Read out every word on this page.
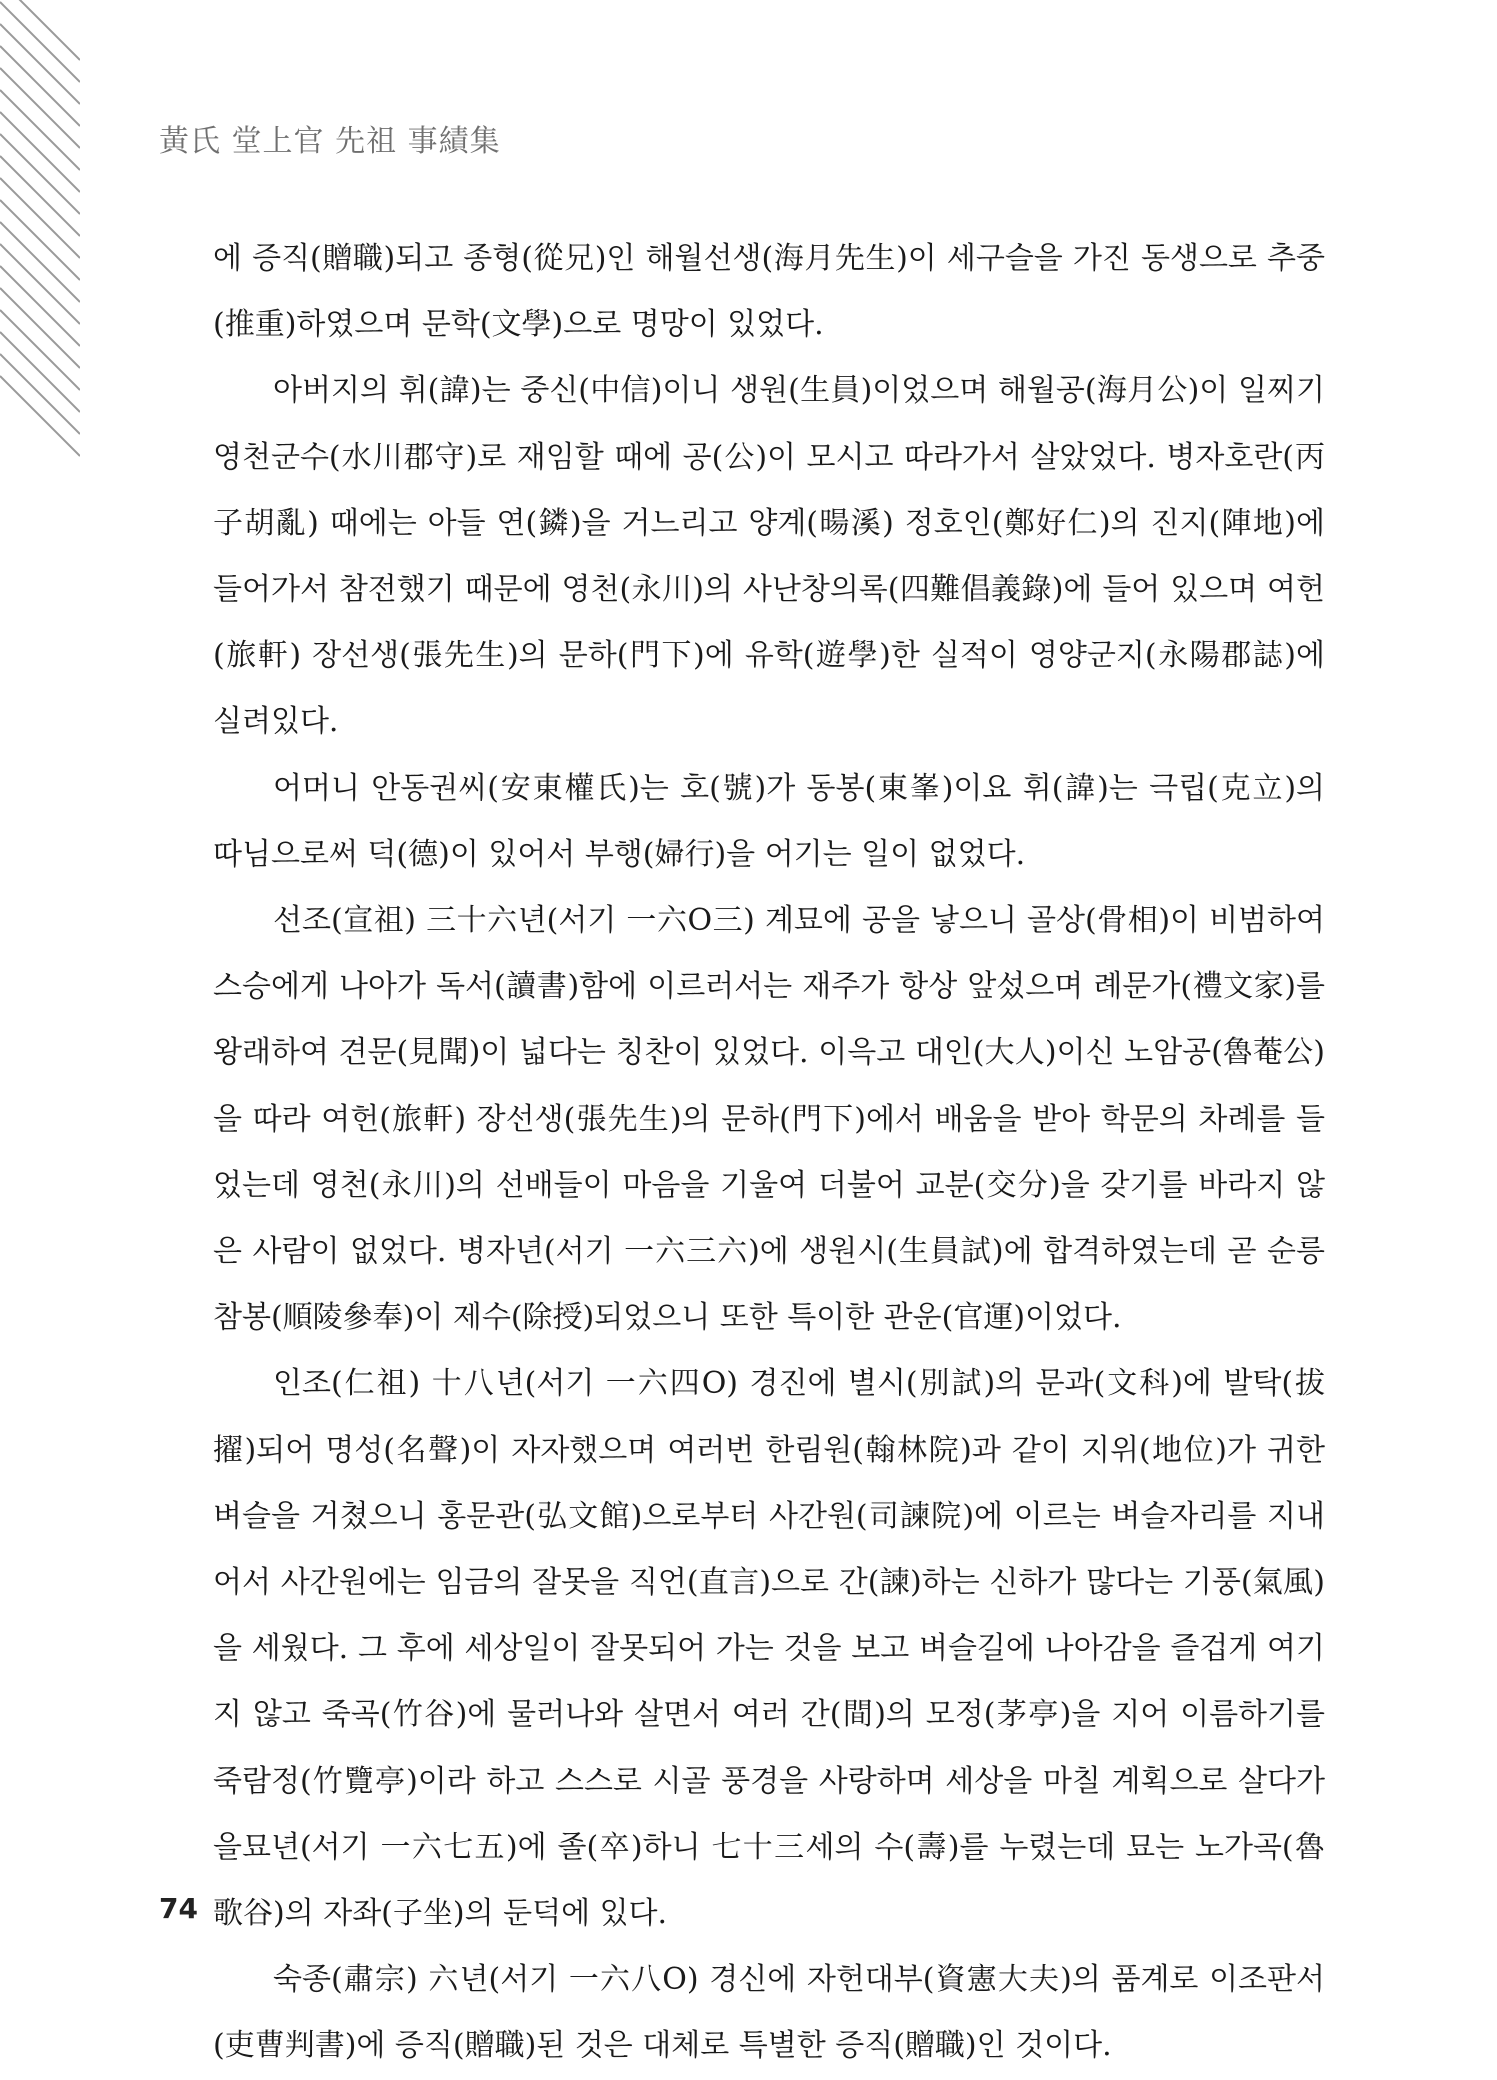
黃氏 堂上官 先祖 事績集

에 증직(贈職)되고 종형(從兄)인 해월선생(海月先生)이 세구슬을 가진 동생으로 추중(推重)하였으며 문학(文學)으로 명망이 있었다.

아버지의 휘(諱)는 중신(中信)이니 생원(生員)이었으며 해월공(海月公)이 일찌기 영천군수(水川郡守)로 재임할 때에 공(公)이 모시고 따라가서 살았었다. 병자호란(丙子胡亂) 때에는 아들 연(鏻)을 거느리고 양계(暘溪) 정호인(鄭好仁)의 진지(陣地)에 들어가서 참전했기 때문에 영천(永川)의 사난창의록(四難倡義錄)에 들어 있으며 여헌(旅軒) 장선생(張先生)의 문하(門下)에 유학(遊學)한 실적이 영양군지(永陽郡誌)에 실려있다.

어머니 안동권씨(安東權氏)는 호(號)가 동봉(東峯)이요 휘(諱)는 극립(克立)의 따님으로써 덕(德)이 있어서 부행(婦行)을 어기는 일이 없었다.

선조(宣祖) 三十六년(서기 一六O三) 계묘에 공을 낳으니 골상(骨相)이 비범하여 스승에게 나아가 독서(讀書)함에 이르러서는 재주가 항상 앞섰으며 례문가(禮文家)를 왕래하여 견문(見聞)이 넓다는 칭찬이 있었다. 이윽고 대인(大人)이신 노암공(魯菴公)을 따라 여헌(旅軒) 장선생(張先生)의 문하(門下)에서 배움을 받아 학문의 차례를 들었는데 영천(永川)의 선배들이 마음을 기울여 더불어 교분(交分)을 갖기를 바라지 않은 사람이 없었다. 병자년(서기 一六三六)에 생원시(生員試)에 합격하였는데 곧 순릉 참봉(順陵參奉)이 제수(除授)되었으니 또한 특이한 관운(官運)이었다.

인조(仁祖) 十八년(서기 一六四O) 경진에 별시(別試)의 문과(文科)에 발탁(拔擢)되어 명성(名聲)이 자자했으며 여러번 한림원(翰林院)과 같이 지위(地位)가 귀한 벼슬을 거쳤으니 홍문관(弘文館)으로부터 사간원(司諫院)에 이르는 벼슬자리를 지내어서 사간원에는 임금의 잘못을 직언(直言)으로 간(諫)하는 신하가 많다는 기풍(氣風)을 세웠다. 그 후에 세상일이 잘못되어 가는 것을 보고 벼슬길에 나아감을 즐겁게 여기지 않고 죽곡(竹谷)에 물러나와 살면서 여러 간(間)의 모정(茅亭)을 지어 이름하기를 죽람정(竹覽亭)이라 하고 스스로 시골 풍경을 사랑하며 세상을 마칠 계획으로 살다가 을묘년(서기 一六七五)에 졸(卒)하니 七十三세의 수(壽)를 누렸는데 묘는 노가곡(魯歌谷)의 자좌(子坐)의 둔덕에 있다.

숙종(肅宗) 六년(서기 一六八O) 경신에 자헌대부(資憲大夫)의 품계로 이조판서(吏曹判書)에 증직(贈職)된 것은 대체로 특별한 증직(贈職)인 것이다.

74
